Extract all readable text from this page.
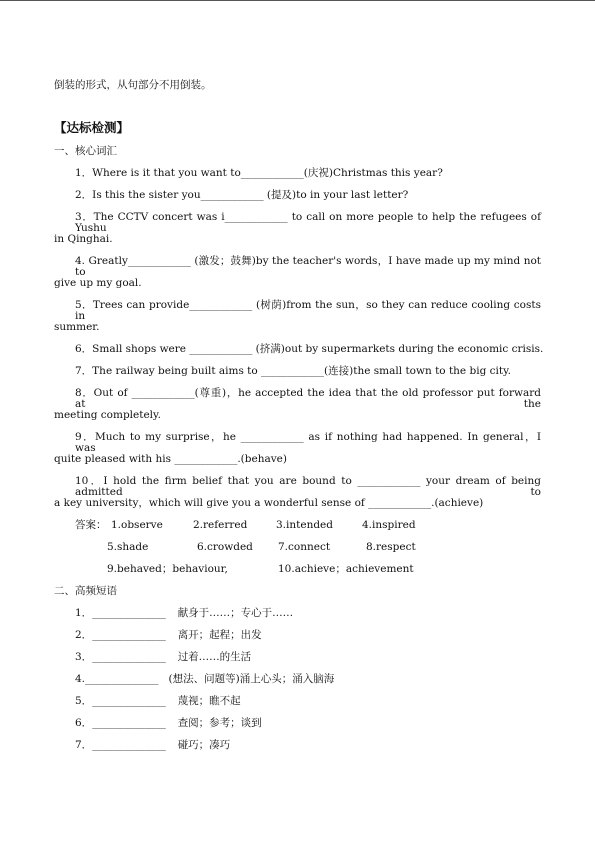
倒装的形式，从句部分不用倒装。
【达标检测】
一、核心词汇
1．Where is it that you want to____________(庆祝)Christmas this year?
2．Is this the sister you____________ (提及)to in your last letter?
3．The CCTV concert was i____________ to call on more people to help the refugees of Yushu
in Qinghai.
4. Greatly____________ (激发；鼓舞)by the teacher's words，I have made up my mind not to
give up my goal.
5．Trees can provide____________ (树荫)from the sun，so they can reduce cooling costs in
summer.
6．Small shops were ____________ (挤满)out by supermarkets during the economic crisis.
7．The railway being built aims to ____________(连接)the small town to the big city.
8．Out of ____________(尊重)，he accepted the idea that the old professor put forward at the
meeting completely.
9．Much to my surprise，he ____________ as if nothing had happened. In general，I was
quite pleased with his ____________.(behave)
10．I hold the firm belief that you are bound to ____________ your dream of being admitted to
a key university，which will give you a wonderful sense of ____________.(achieve)
答案： 1.observe	2.referred	3.intended	4.inspired
5.shade	6.crowded 7.connect	8.respect
9.behaved；behaviour,	10.achieve；achievement
二、高频短语
1．______________ 献身于……；专心于……
2．______________ 离开；起程；出发
3．______________ 过着……的生活
4.______________ (想法、问题等)涌上心头；涌入脑海
5．______________ 蔑视；瞧不起
6．______________ 查阅；参考；谈到
7．______________ 碰巧；凑巧
